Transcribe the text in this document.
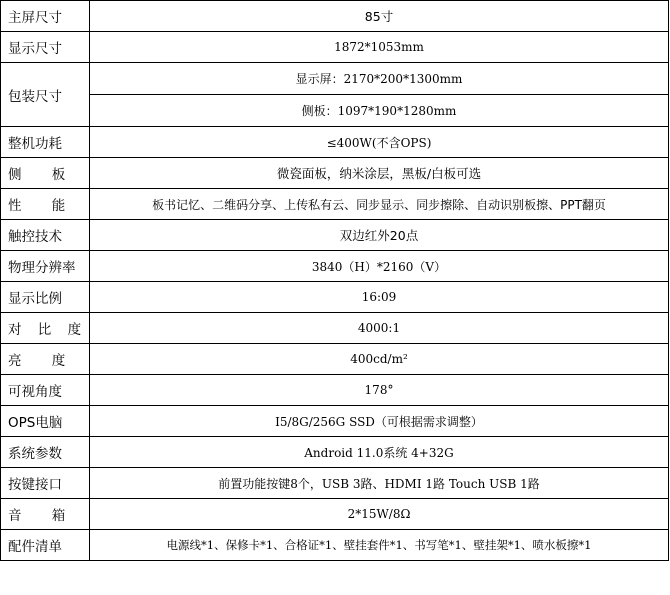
主屏尺寸	85寸
显示尺寸	1872*1053mm
包装尺寸	显示屏：2170*200*1300mm
	侧板：1097*190*1280mm
整机功耗	≤400W(不含OPS)
侧 板	微瓷面板，纳米涂层，黑板/白板可选
性 能	板书记忆、二维码分享、上传私有云、同步显示、同步擦除、自动识别板擦、PPT翻页
触控技术	双边红外20点
物理分辨率	3840（H）*2160（V）
显示比例	16:09
对 比 度	4000:1
亮 度	400cd/m²
可视角度	178°
OPS电脑	I5/8G/256G SSD（可根据需求调整）
系统参数	Android 11.0系统 4+32G
按键接口	前置功能按键8个，USB 3路、HDMI 1路 Touch USB 1路
音 箱	2*15W/8Ω
配件清单	电源线*1、保修卡*1、合格证*1、壁挂套件*1、书写笔*1、壁挂架*1、喷水板擦*1
